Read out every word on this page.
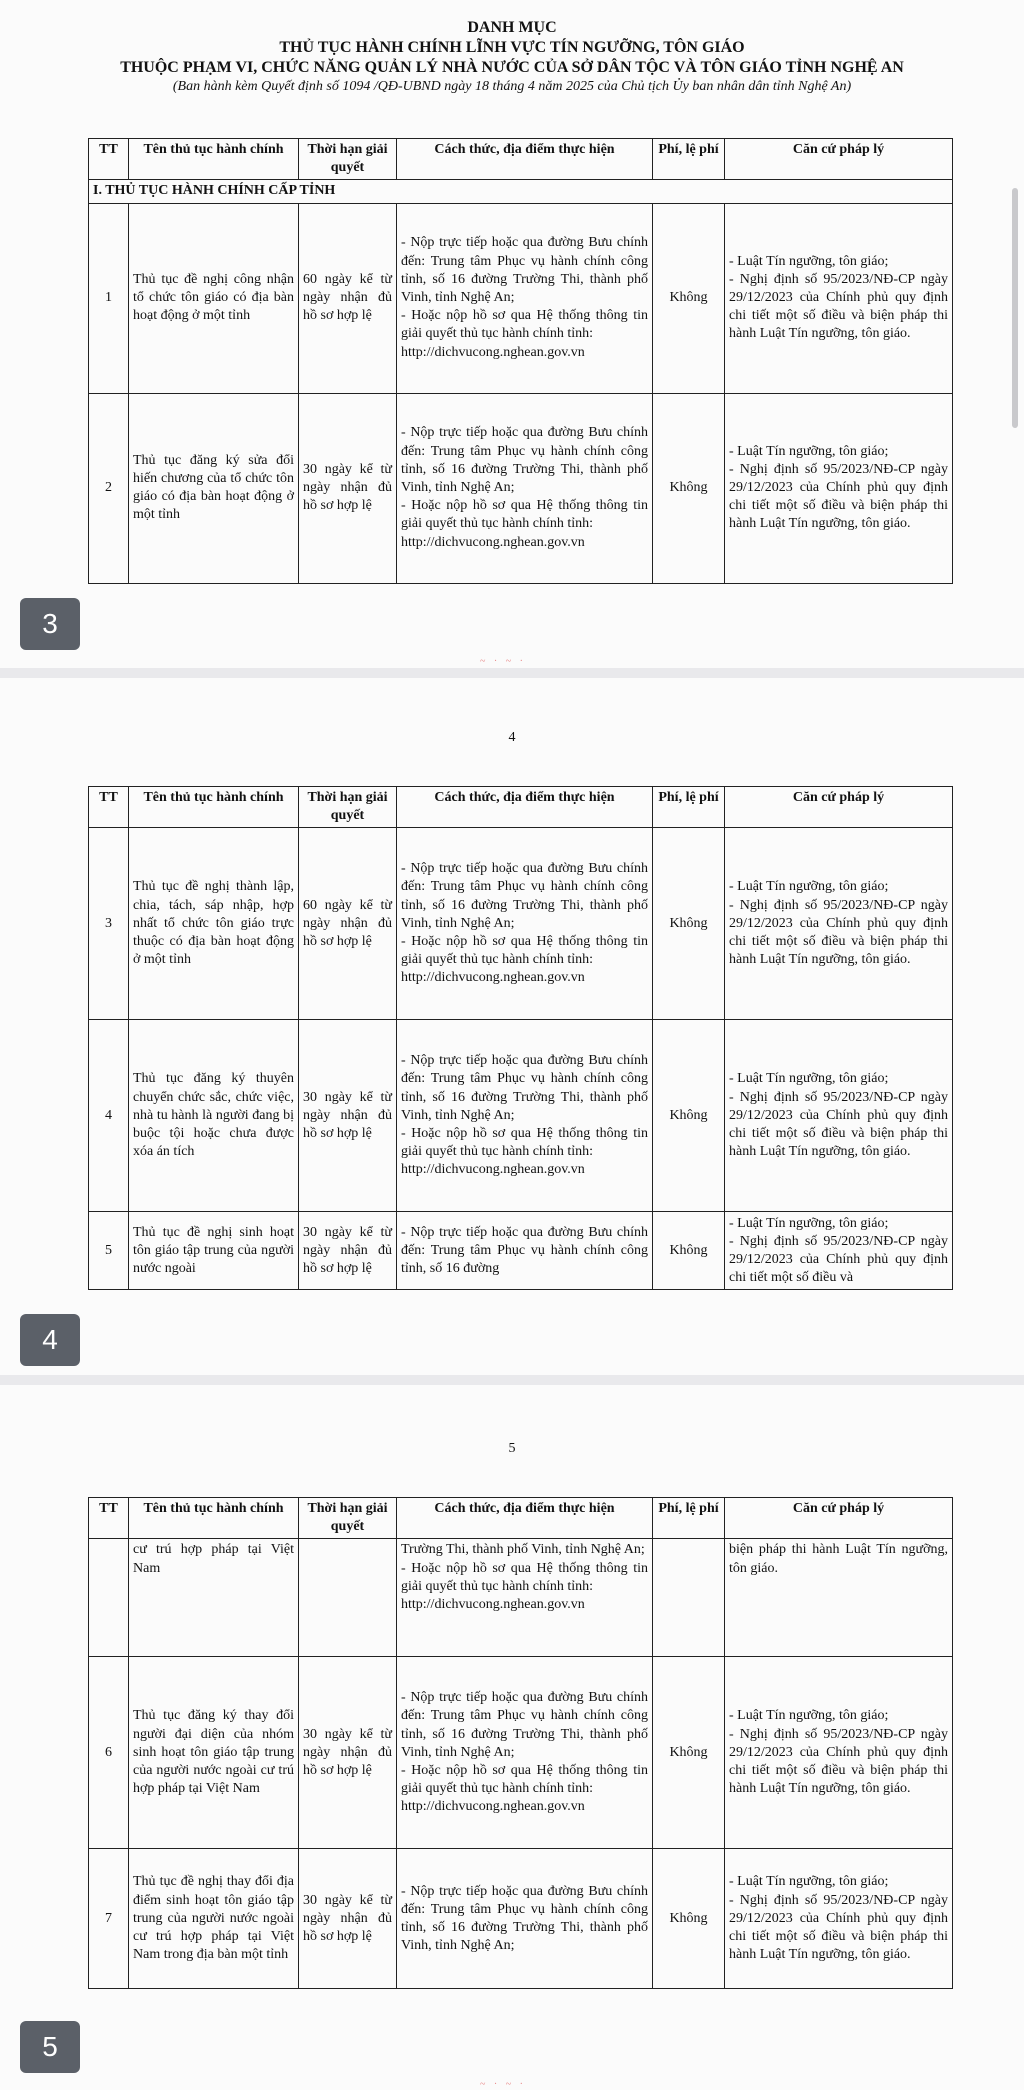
DANH MỤC
THỦ TỤC HÀNH CHÍNH LĨNH VỰC TÍN NGƯỠNG, TÔN GIÁO
THUỘC PHẠM VI, CHỨC NĂNG QUẢN LÝ NHÀ NƯỚC CỦA SỞ DÂN TỘC VÀ TÔN GIÁO TỈNH NGHỆ AN
(Ban hành kèm Quyết định số 1094 /QĐ-UBND ngày 18 tháng 4 năm 2025 của Chủ tịch Ủy ban nhân dân tỉnh Nghệ An)
TT	Tên thủ tục hành chính	Thời hạn giải quyết	Cách thức, địa điểm thực hiện	Phí, lệ phí	Căn cứ pháp lý
I. THỦ TỤC HÀNH CHÍNH CẤP TỈNH					
1	Thủ tục đề nghị công nhận tổ chức tôn giáo có địa bàn hoạt động ở một tỉnh	60 ngày kể từ ngày nhận đủ hồ sơ hợp lệ	- Nộp trực tiếp hoặc qua đường Bưu chính đến: Trung tâm Phục vụ hành chính công tỉnh, số 16 đường Trường Thi, thành phố Vinh, tỉnh Nghệ An;
- Hoặc nộp hồ sơ qua Hệ thống thông tin giải quyết thủ tục hành chính tỉnh:
http://dichvucong.nghean.gov.vn	Không	- Luật Tín ngưỡng, tôn giáo;
- Nghị định số 95/2023/NĐ-CP ngày 29/12/2023 của Chính phủ quy định chi tiết một số điều và biện pháp thi hành Luật Tín ngưỡng, tôn giáo.

2	Thủ tục đăng ký sửa đổi hiến chương của tổ chức tôn giáo có địa bàn hoạt động ở một tỉnh	30 ngày kể từ ngày nhận đủ hồ sơ hợp lệ	- Nộp trực tiếp hoặc qua đường Bưu chính đến: Trung tâm Phục vụ hành chính công tỉnh, số 16 đường Trường Thi, thành phố Vinh, tỉnh Nghệ An;
- Hoặc nộp hồ sơ qua Hệ thống thông tin giải quyết thủ tục hành chính tỉnh:
http://dichvucong.nghean.gov.vn	Không	- Luật Tín ngưỡng, tôn giáo;
- Nghị định số 95/2023/NĐ-CP ngày 29/12/2023 của Chính phủ quy định chi tiết một số điều và biện pháp thi hành Luật Tín ngưỡng, tôn giáo.
3
~ · ~ ·
4
TT	Tên thủ tục hành chính	Thời hạn giải quyết	Cách thức, địa điểm thực hiện	Phí, lệ phí	Căn cứ pháp lý
3	Thủ tục đề nghị thành lập, chia, tách, sáp nhập, hợp nhất tổ chức tôn giáo trực thuộc có địa bàn hoạt động ở một tỉnh	60 ngày kể từ ngày nhận đủ hồ sơ hợp lệ	- Nộp trực tiếp hoặc qua đường Bưu chính đến: Trung tâm Phục vụ hành chính công tỉnh, số 16 đường Trường Thi, thành phố Vinh, tỉnh Nghệ An;
- Hoặc nộp hồ sơ qua Hệ thống thông tin giải quyết thủ tục hành chính tỉnh:
http://dichvucong.nghean.gov.vn	Không	- Luật Tín ngưỡng, tôn giáo;
- Nghị định số 95/2023/NĐ-CP ngày 29/12/2023 của Chính phủ quy định chi tiết một số điều và biện pháp thi hành Luật Tín ngưỡng, tôn giáo.

4	Thủ tục đăng ký thuyên chuyển chức sắc, chức việc, nhà tu hành là người đang bị buộc tội hoặc chưa được xóa án tích	30 ngày kể từ ngày nhận đủ hồ sơ hợp lệ	- Nộp trực tiếp hoặc qua đường Bưu chính đến: Trung tâm Phục vụ hành chính công tỉnh, số 16 đường Trường Thi, thành phố Vinh, tỉnh Nghệ An;
- Hoặc nộp hồ sơ qua Hệ thống thông tin giải quyết thủ tục hành chính tỉnh:
http://dichvucong.nghean.gov.vn	Không	- Luật Tín ngưỡng, tôn giáo;
- Nghị định số 95/2023/NĐ-CP ngày 29/12/2023 của Chính phủ quy định chi tiết một số điều và biện pháp thi hành Luật Tín ngưỡng, tôn giáo.

5	Thủ tục đề nghị sinh hoạt tôn giáo tập trung của người nước ngoài	30 ngày kể từ ngày nhận đủ hồ sơ hợp lệ	- Nộp trực tiếp hoặc qua đường Bưu chính đến: Trung tâm Phục vụ hành chính công tỉnh, số 16 đường	Không	- Luật Tín ngưỡng, tôn giáo;
- Nghị định số 95/2023/NĐ-CP ngày 29/12/2023 của Chính phủ quy định chi tiết một số điều và
4
5
TT	Tên thủ tục hành chính	Thời hạn giải quyết	Cách thức, địa điểm thực hiện	Phí, lệ phí	Căn cứ pháp lý
	cư trú hợp pháp tại Việt Nam		Trường Thi, thành phố Vinh, tỉnh Nghệ An;
- Hoặc nộp hồ sơ qua Hệ thống thông tin giải quyết thủ tục hành chính tỉnh:
http://dichvucong.nghean.gov.vn		biện pháp thi hành Luật Tín ngưỡng, tôn giáo.
6	Thủ tục đăng ký thay đổi người đại diện của nhóm sinh hoạt tôn giáo tập trung của người nước ngoài cư trú hợp pháp tại Việt Nam	30 ngày kể từ ngày nhận đủ hồ sơ hợp lệ	- Nộp trực tiếp hoặc qua đường Bưu chính đến: Trung tâm Phục vụ hành chính công tỉnh, số 16 đường Trường Thi, thành phố Vinh, tỉnh Nghệ An;
- Hoặc nộp hồ sơ qua Hệ thống thông tin giải quyết thủ tục hành chính tỉnh:
http://dichvucong.nghean.gov.vn	Không	- Luật Tín ngưỡng, tôn giáo;
- Nghị định số 95/2023/NĐ-CP ngày 29/12/2023 của Chính phủ quy định chi tiết một số điều và biện pháp thi hành Luật Tín ngưỡng, tôn giáo.

7	Thủ tục đề nghị thay đổi địa điểm sinh hoạt tôn giáo tập trung của người nước ngoài cư trú hợp pháp tại Việt Nam trong địa bàn một tỉnh	30 ngày kể từ ngày nhận đủ hồ sơ hợp lệ	- Nộp trực tiếp hoặc qua đường Bưu chính đến: Trung tâm Phục vụ hành chính công tỉnh, số 16 đường Trường Thi, thành phố Vinh, tỉnh Nghệ An;	Không	- Luật Tín ngưỡng, tôn giáo;
- Nghị định số 95/2023/NĐ-CP ngày 29/12/2023 của Chính phủ quy định chi tiết một số điều và biện pháp thi hành Luật Tín ngưỡng, tôn giáo.
5
~ · ~ ·
